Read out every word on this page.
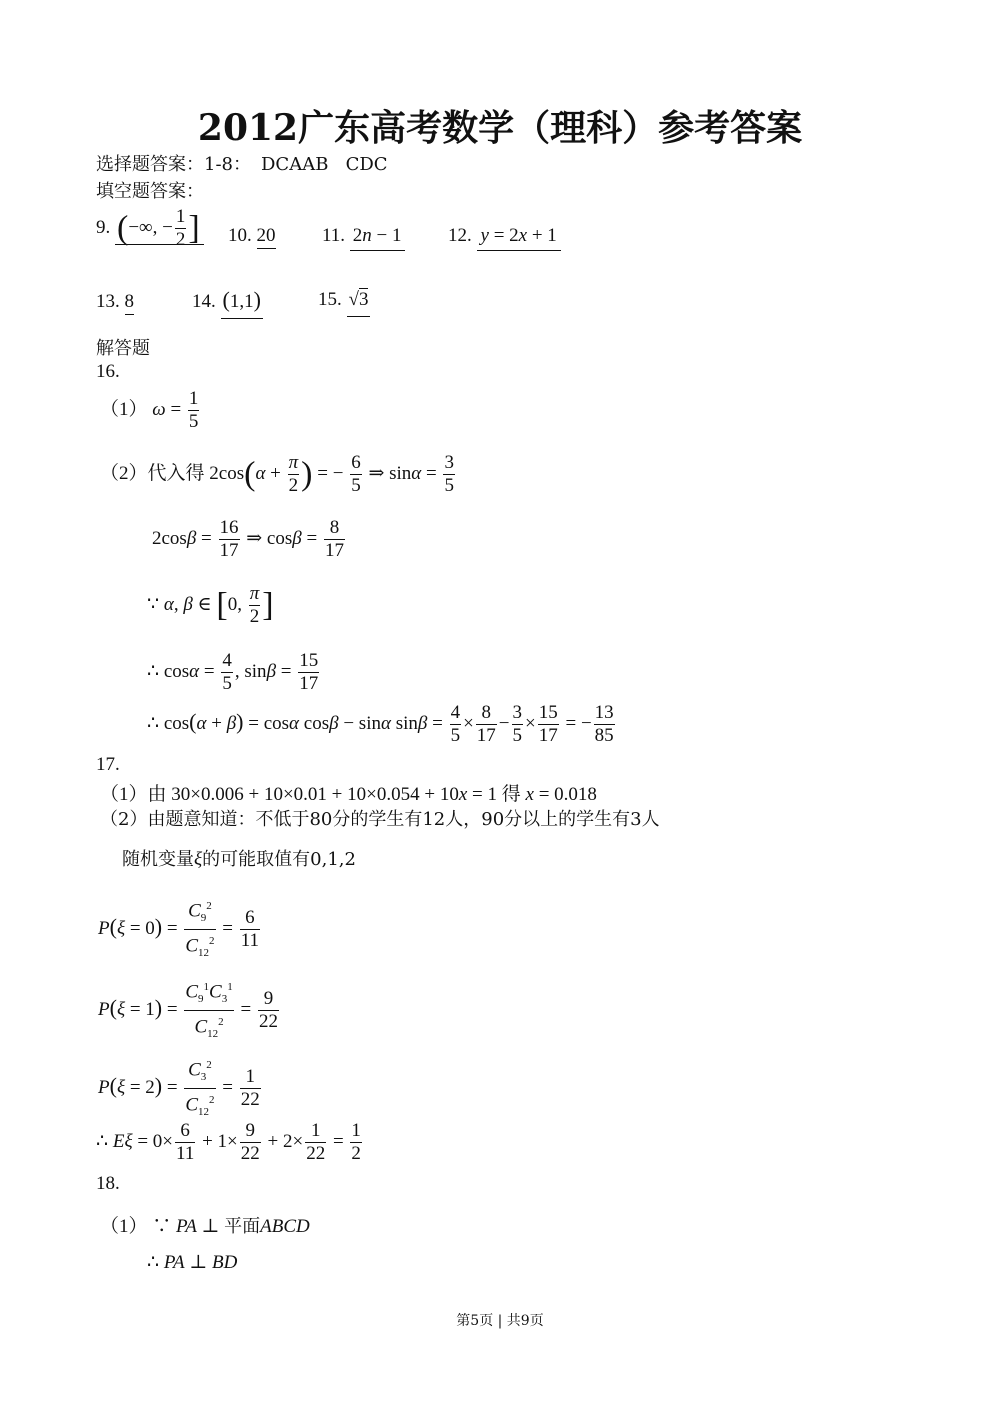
2012广东高考数学（理科）参考答案
选择题答案：1-8： DCAAB   CDC
填空题答案：
9. (−∞, − $\frac{1}{2}$ ] 10. 20 11. 2n − 1 12. y = 2x + 1
13. 8	14. (1,1)	15. √3
解答题
16.
（1） $\omega = \frac{1}{5}$
（2）代入得 $2\cos(\alpha + \frac{\pi}{2}$ ) = − $\frac{6}{5}$ ⇒ $\sin\alpha = \frac{3}{5}$
$2\cos\beta = \frac{16}{17}$ ⇒ $\cos\beta = \frac{8}{17}$
∵ α, β ∈ [0, $\frac{\pi}{2}$ ]
∴ $\cos\alpha = \frac{4}{5}$ , $\sin\beta = \frac{15}{17}$
∴ cos(α + β) = cosα cosβ − sinα $\sin\beta = \frac{4}{5} \times \frac{8}{17} - \frac{3}{5} \times \frac{15}{17}$ = − $\frac{13}{85}$
17.
（1）由 30×0.006 + 10×0.01 + 10×0.054 + 10x = 1 得 x = 0.018
（2）由题意知道：不低于80分的学生有12人，90分以上的学生有3人
随机变量ξ的可能取值有0,1,2
$P(\xi = 0) = \frac{C_9^2}{C_{12}^2} = \frac{6}{11}$
$P(\xi = 1) = \frac{C_9^1C_3^1}{C_{12}^2} = \frac{9}{22}$
$P(\xi = 2) = \frac{C_3^2}{C_{12}^2} = \frac{1}{22}$
∴ $E\xi = 0\times \frac{6}{11} + 1\times \frac{9}{22} + 2\times \frac{1}{22} = \frac{1}{2}$
18.
（1） ∵ PA ⊥ 平面ABCD
∴ PA ⊥ BD
第5页 | 共9页
